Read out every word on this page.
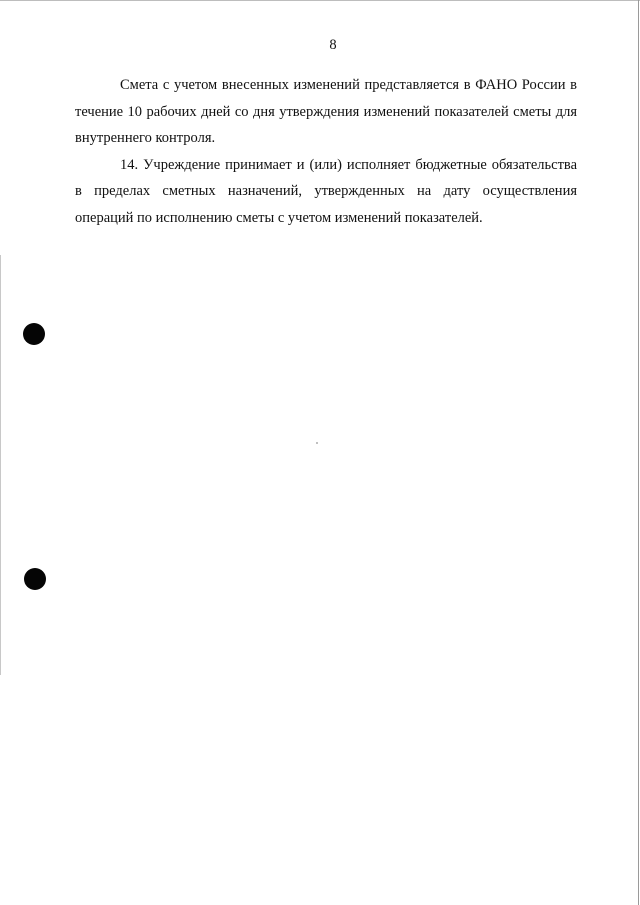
8

Смета с учетом внесенных изменений представляется в ФАНО России в течение 10 рабочих дней со дня утверждения изменений показателей сметы для внутреннего контроля.

14. Учреждение принимает и (или) исполняет бюджетные обязательства в пределах сметных назначений, утвержденных на дату осуществления операций по исполнению сметы с учетом изменений показателей.
